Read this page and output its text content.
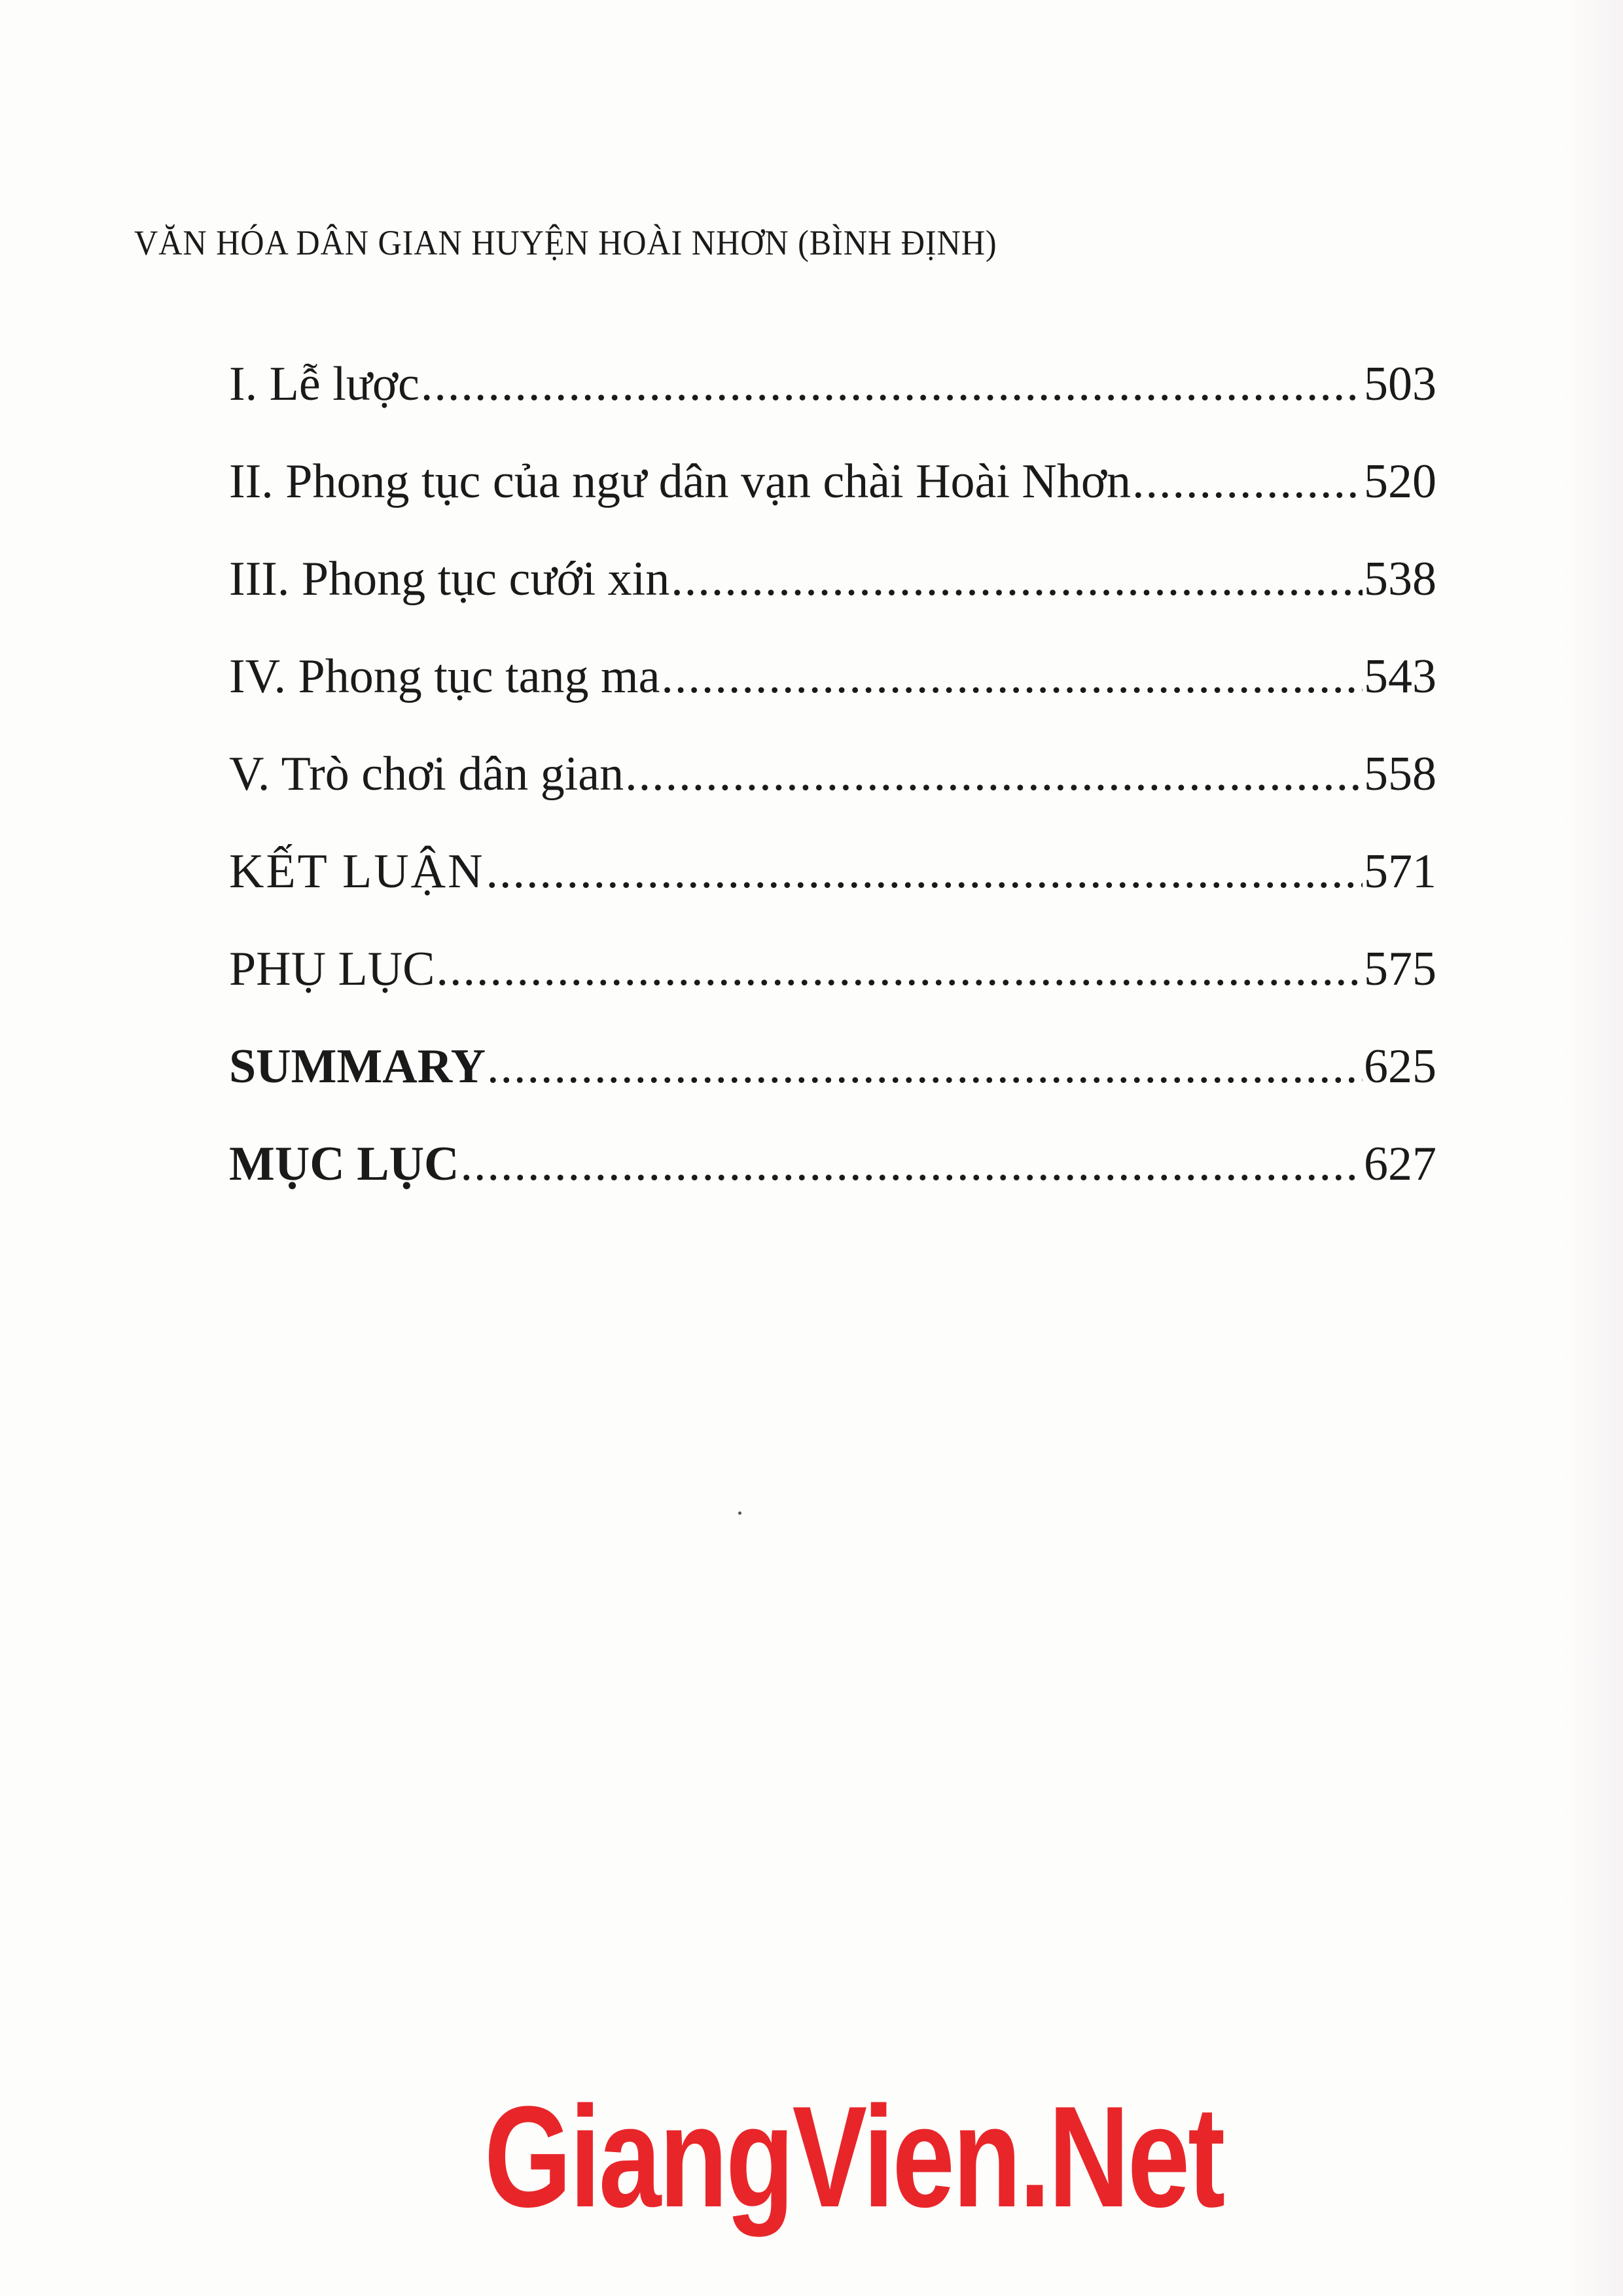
VĂN HÓA DÂN GIAN HUYỆN HOÀI NHƠN (BÌNH ĐỊNH)
I. Lễ lược .....	503
II. Phong tục của ngư dân vạn chài Hoài Nhơn .....	520
III. Phong tục cưới xin .....	538
IV. Phong tục tang ma .....	543
V. Trò chơi dân gian .....	558
KẾT LUẬN .....	571
PHỤ LỤC .....	575
SUMMARY .....	625
MỤC LỤC .....	627
GiangVien.Net
